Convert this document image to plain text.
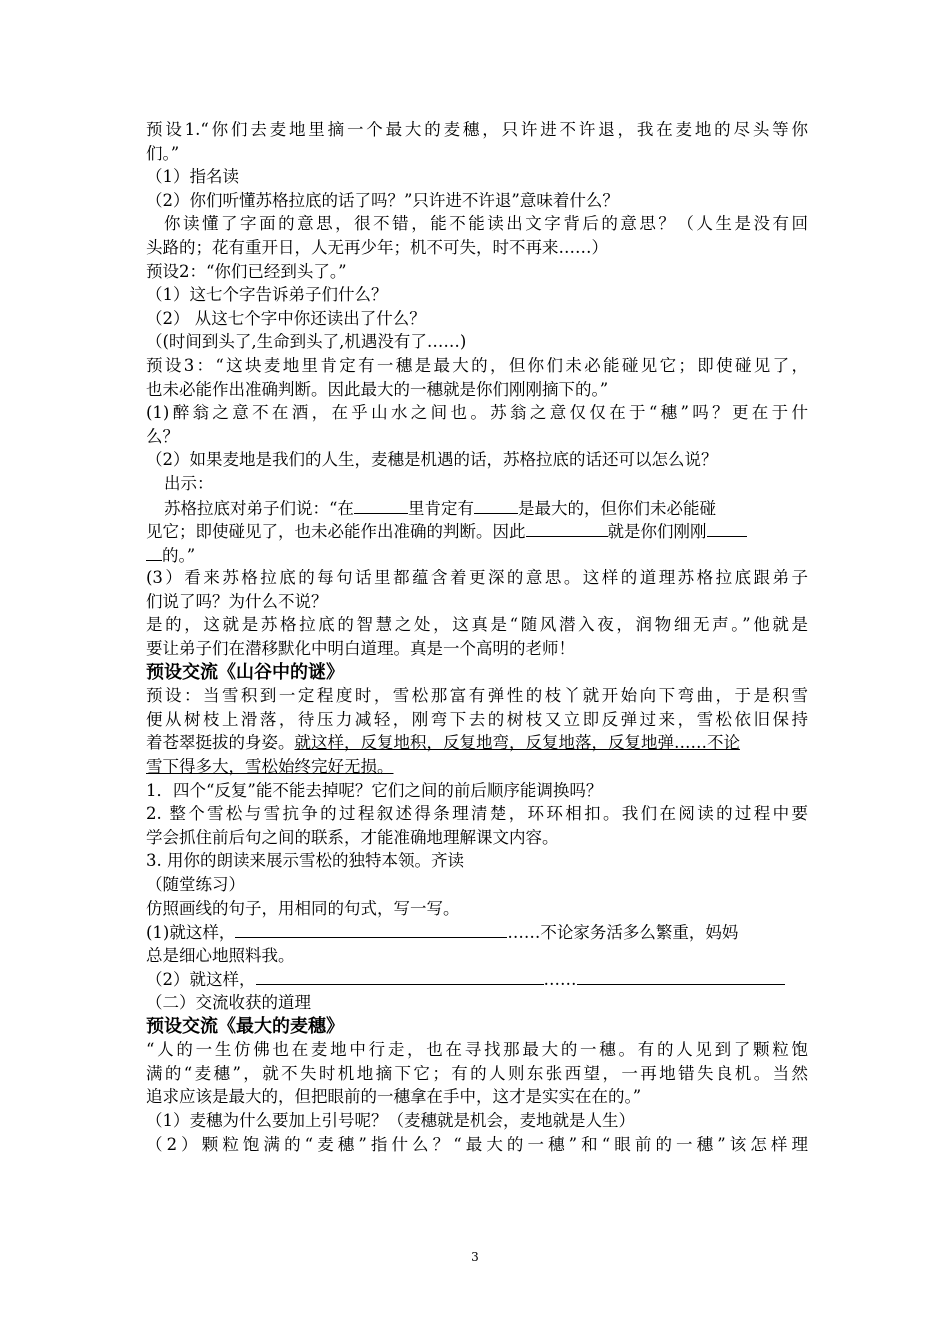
预设1.“你们去麦地里摘一个最大的麦穗，只许进不许退，我在麦地的尽头等你
们。”
（1）指名读
（2）你们听懂苏格拉底的话了吗？”只许进不许退”意味着什么？
你读懂了字面的意思，很不错，能不能读出文字背后的意思？（人生是没有回
头路的；花有重开日，人无再少年；机不可失，时不再来……）
预设2：“你们已经到头了。”
（1）这七个字告诉弟子们什么？
（2） 从这七个字中你还读出了什么？
（(时间到头了,生命到头了,机遇没有了……)
预设3：“这块麦地里肯定有一穗是最大的，但你们未必能碰见它；即使碰见了，
也未必能作出准确判断。因此最大的一穗就是你们刚刚摘下的。”
(1)醉翁之意不在酒，在乎山水之间也。苏翁之意仅仅在于“穗”吗？更在于什
么？
（2）如果麦地是我们的人生，麦穗是机遇的话，苏格拉底的话还可以怎么说？
出示：
苏格拉底对弟子们说：“在	里肯定有	是最大的，但你们未必能碰
见它；即使碰见了，也未必能作出准确的判断。因此	就是你们刚刚
的。”
(3）看来苏格拉底的每句话里都蕴含着更深的意思。这样的道理苏格拉底跟弟子
们说了吗？为什么不说？
是的，这就是苏格拉底的智慧之处，这真是“随风潜入夜，润物细无声。”他就是
要让弟子们在潜移默化中明白道理。真是一个高明的老师！
预设交流《山谷中的谜》
预设：当雪积到一定程度时，雪松那富有弹性的枝丫就开始向下弯曲，于是积雪
便从树枝上滑落，待压力减轻，刚弯下去的树枝又立即反弹过来，雪松依旧保持
着苍翠挺拔的身姿。就这样，反复地积，反复地弯，反复地落，反复地弹……不论
雪下得多大，雪松始终完好无损。
1．四个“反复”能不能去掉呢？它们之间的前后顺序能调换吗？
2. 整个雪松与雪抗争的过程叙述得条理清楚，环环相扣。我们在阅读的过程中要
学会抓住前后句之间的联系，才能准确地理解课文内容。
3. 用你的朗读来展示雪松的独特本领。齐读
（随堂练习）
仿照画线的句子，用相同的句式，写一写。
(1)就这样，	……不论家务活多么繁重，妈妈
总是细心地照料我。
（2）就这样，	……
（二）交流收获的道理
预设交流《最大的麦穗》
“人的一生仿佛也在麦地中行走，也在寻找那最大的一穗。有的人见到了颗粒饱
满的“麦穗”，就不失时机地摘下它；有的人则东张西望，一再地错失良机。当然
追求应该是最大的，但把眼前的一穗拿在手中，这才是实实在在的。”
（1）麦穗为什么要加上引号呢？（麦穗就是机会，麦地就是人生）
（2）颗粒饱满的“麦穗”指什么？“最大的一穗”和“眼前的一穗”该怎样理
3
